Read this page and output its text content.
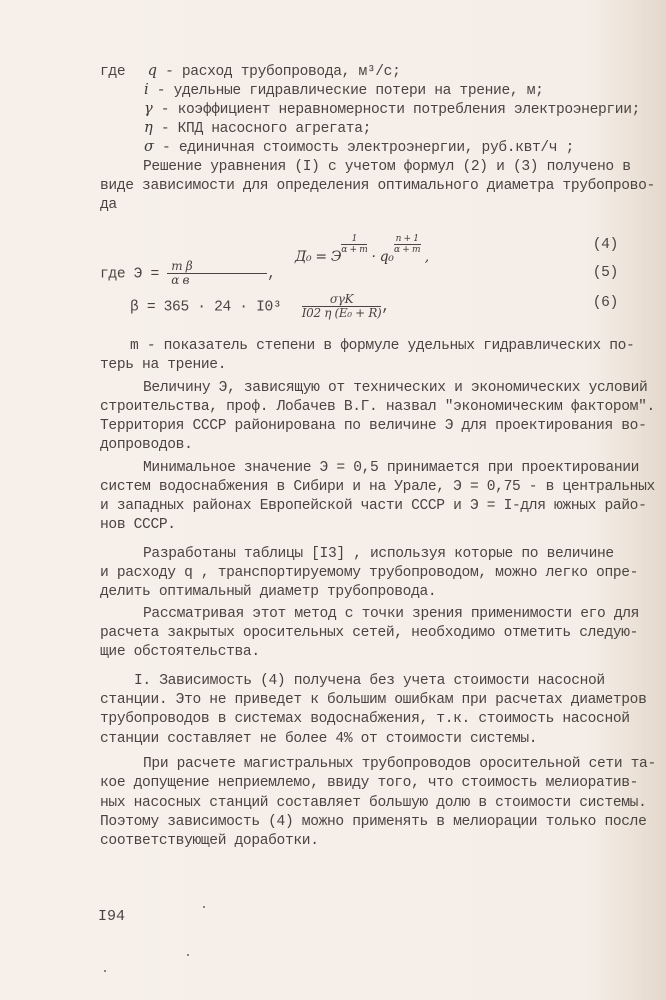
где q - расход трубопровода, м³/с;
i - удельные гидравлические потери на трение, м;
γ - коэффициент неравномерности потребления электроэнергии;
η - КПД насосного агрегата;
σ - единичная стоимость электроэнергии, руб.квт/ч ;
Решение уравнения (I) с учетом формул (2) и (3) получено в
виде зависимости для определения оптимального диаметра трубопрово-
да
Д₀ = Э
$\frac{1}{\alpha + m}$
· q₀
$\frac{n + 1}{\alpha + m}$
,
(4)
где $Э = \frac{\text{m β}}{\text{α в}}$ ,	(5)
$\beta = 365 \cdot 24 \cdot I0^3 \frac{\text{σγK}}{\text{I02 η (E₀ + R)}}$ ,	(6)
m - показатель степени в формуле удельных гидравлических по-
терь на трение.
Величину Э, зависящую от технических и экономических условий
строительства, проф. Лобачев В.Г. назвал "экономическим фактором".
Территория СССР районирована по величине Э для проектирования во-
допроводов.
Минимальное значение Э = 0,5 принимается при проектировании
систем водоснабжения в Сибири и на Урале, Э = 0,75 - в центральных
и западных районах Европейской части СССР и Э = I-для южных райо-
нов СССР.
Разработаны таблицы [I3] , используя которые по величине
и расходу q , транспортируемому трубопроводом, можно легко опре-
делить оптимальный диаметр трубопровода.
Рассматривая этот метод с точки зрения применимости его для
расчета закрытых оросительных сетей, необходимо отметить следую-
щие обстоятельства.
I. Зависимость (4) получена без учета стоимости насосной
станции. Это не приведет к большим ошибкам при расчетах диаметров
трубопроводов в системах водоснабжения, т.к. стоимость насосной
станции составляет не более 4% от стоимости системы.
При расчете магистральных трубопроводов оросительной сети та-
кое допущение неприемлемо, ввиду того, что стоимость мелиоратив-
ных насосных станций составляет большую долю в стоимости системы.
Поэтому зависимость (4) можно применять в мелиорации только после
соответствующей доработки.
I94
